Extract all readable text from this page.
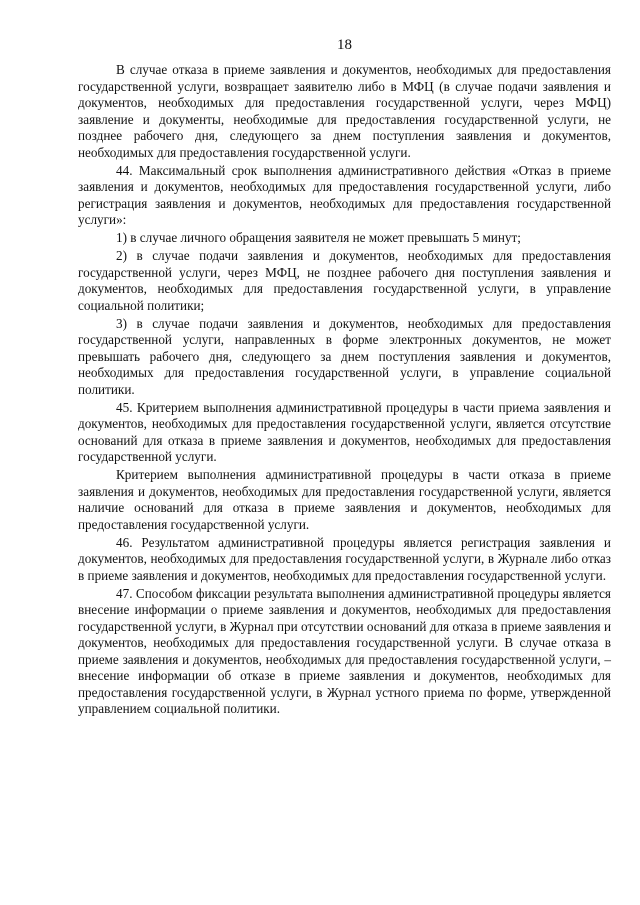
18

В случае отказа в приеме заявления и документов, необходимых для предоставления государственной услуги, возвращает заявителю либо в МФЦ (в случае подачи заявления и документов, необходимых для предоставления государственной услуги, через МФЦ) заявление и документы, необходимые для предоставления государственной услуги, не позднее рабочего дня, следующего за днем поступления заявления и документов, необходимых для предоставления государственной услуги.

44. Максимальный срок выполнения административного действия «Отказ в приеме заявления и документов, необходимых для предоставления государственной услуги, либо регистрация заявления и документов, необходимых для предоставления государственной услуги»:

1) в случае личного обращения заявителя не может превышать 5 минут;

2) в случае подачи заявления и документов, необходимых для предоставления государственной услуги, через МФЦ, не позднее рабочего дня поступления заявления и документов, необходимых для предоставления государственной услуги, в управление социальной политики;

3) в случае подачи заявления и документов, необходимых для предоставления государственной услуги, направленных в форме электронных документов, не может превышать рабочего дня, следующего за днем поступления заявления и документов, необходимых для предоставления государственной услуги, в управление социальной политики.

45. Критерием выполнения административной процедуры в части приема заявления и документов, необходимых для предоставления государственной услуги, является отсутствие оснований для отказа в приеме заявления и документов, необходимых для предоставления государственной услуги.

Критерием выполнения административной процедуры в части отказа в приеме заявления и документов, необходимых для предоставления государственной услуги, является наличие оснований для отказа в приеме заявления и документов, необходимых для предоставления государственной услуги.

46. Результатом административной процедуры является регистрация заявления и документов, необходимых для предоставления государственной услуги, в Журнале либо отказ в приеме заявления и документов, необходимых для предоставления государственной услуги.

47. Способом фиксации результата выполнения административной процедуры является внесение информации о приеме заявления и документов, необходимых для предоставления государственной услуги, в Журнал при отсутствии оснований для отказа в приеме заявления и документов, необходимых для предоставления государственной услуги. В случае отказа в приеме заявления и документов, необходимых для предоставления государственной услуги, – внесение информации об отказе в приеме заявления и документов, необходимых для предоставления государственной услуги, в Журнал устного приема по форме, утвержденной управлением социальной политики.
